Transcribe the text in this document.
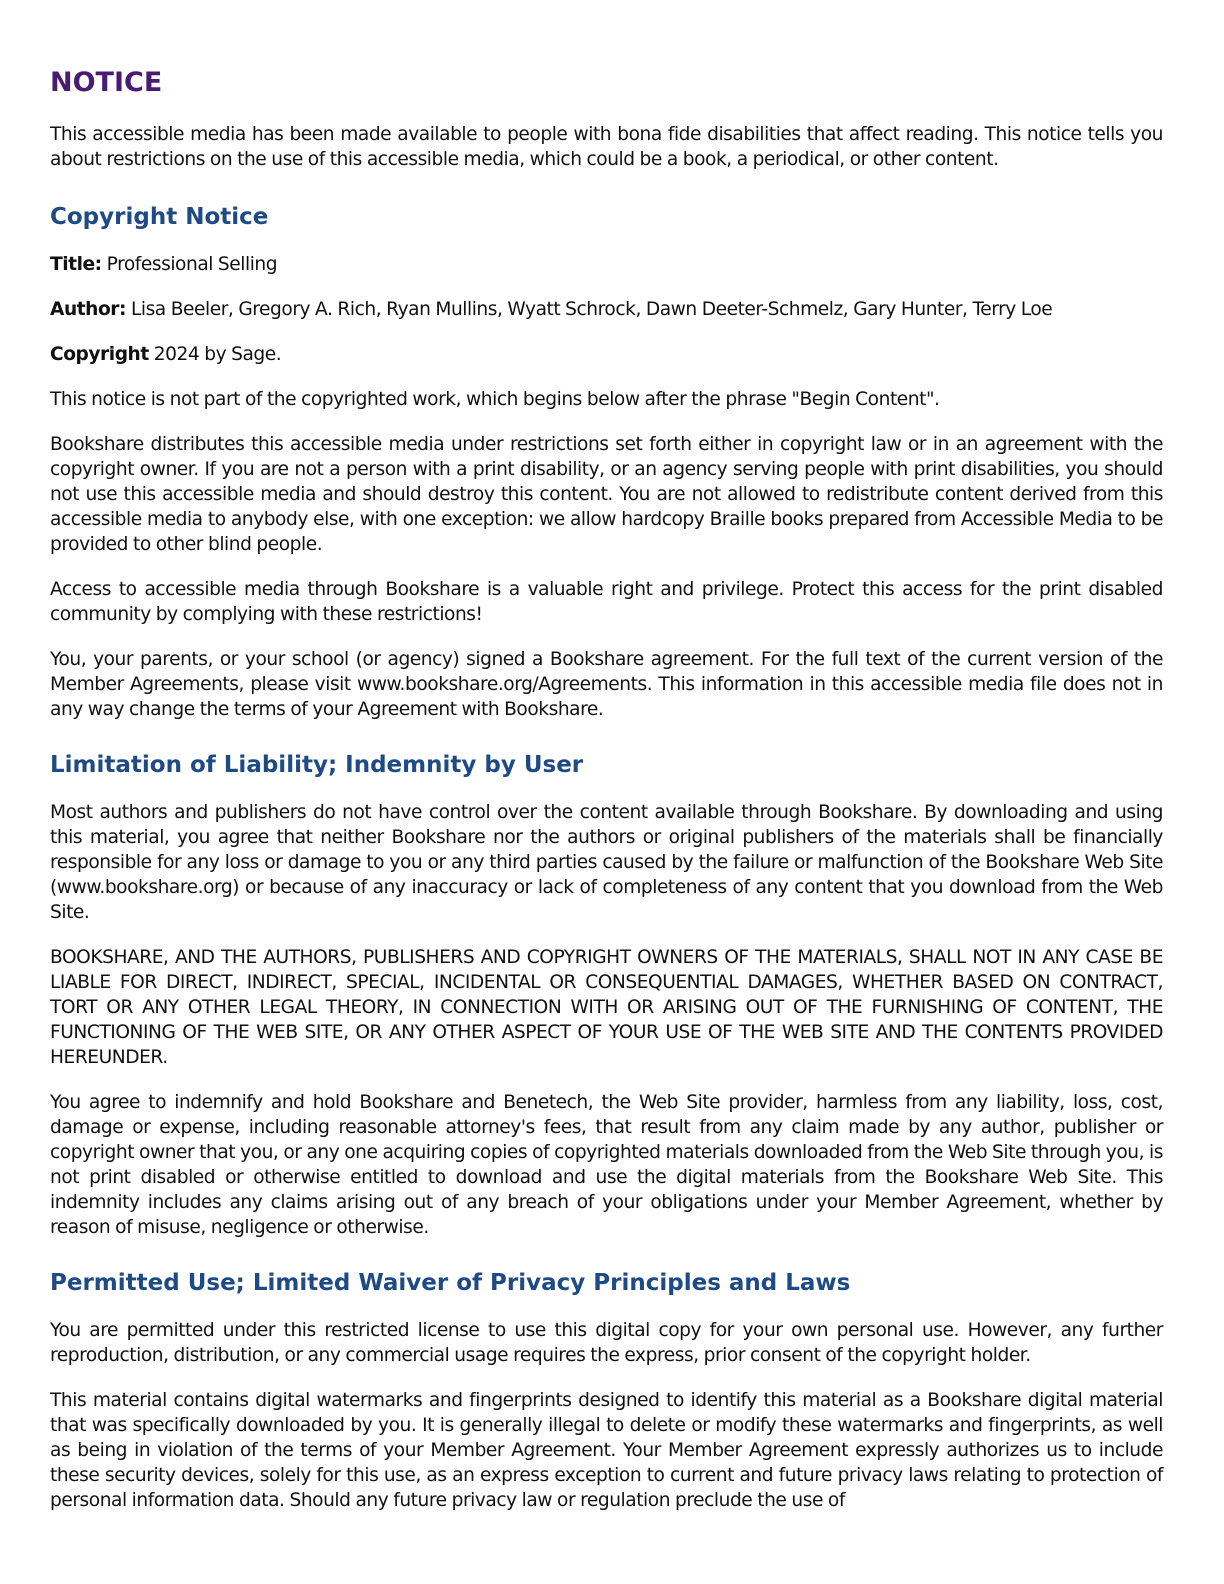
NOTICE

This accessible media has been made available to people with bona fide disabilities that affect reading. This notice tells you about restrictions on the use of this accessible media, which could be a book, a periodical, or other content.

Copyright Notice

Title: Professional Selling

Author: Lisa Beeler, Gregory A. Rich, Ryan Mullins, Wyatt Schrock, Dawn Deeter-Schmelz, Gary Hunter, Terry Loe

Copyright 2024 by Sage.

This notice is not part of the copyrighted work, which begins below after the phrase "Begin Content".

Bookshare distributes this accessible media under restrictions set forth either in copyright law or in an agreement with the copyright owner. If you are not a person with a print disability, or an agency serving people with print disabilities, you should not use this accessible media and should destroy this content. You are not allowed to redistribute content derived from this accessible media to anybody else, with one exception: we allow hardcopy Braille books prepared from Accessible Media to be provided to other blind people.

Access to accessible media through Bookshare is a valuable right and privilege. Protect this access for the print disabled community by complying with these restrictions!

You, your parents, or your school (or agency) signed a Bookshare agreement. For the full text of the current version of the Member Agreements, please visit www.bookshare.org/Agreements. This information in this accessible media file does not in any way change the terms of your Agreement with Bookshare.

Limitation of Liability; Indemnity by User

Most authors and publishers do not have control over the content available through Bookshare. By downloading and using this material, you agree that neither Bookshare nor the authors or original publishers of the materials shall be financially responsible for any loss or damage to you or any third parties caused by the failure or malfunction of the Bookshare Web Site (www.bookshare.org) or because of any inaccuracy or lack of completeness of any content that you download from the Web Site.

BOOKSHARE, AND THE AUTHORS, PUBLISHERS AND COPYRIGHT OWNERS OF THE MATERIALS, SHALL NOT IN ANY CASE BE LIABLE FOR DIRECT, INDIRECT, SPECIAL, INCIDENTAL OR CONSEQUENTIAL DAMAGES, WHETHER BASED ON CONTRACT, TORT OR ANY OTHER LEGAL THEORY, IN CONNECTION WITH OR ARISING OUT OF THE FURNISHING OF CONTENT, THE FUNCTIONING OF THE WEB SITE, OR ANY OTHER ASPECT OF YOUR USE OF THE WEB SITE AND THE CONTENTS PROVIDED HEREUNDER.

You agree to indemnify and hold Bookshare and Benetech, the Web Site provider, harmless from any liability, loss, cost, damage or expense, including reasonable attorney's fees, that result from any claim made by any author, publisher or copyright owner that you, or any one acquiring copies of copyrighted materials downloaded from the Web Site through you, is not print disabled or otherwise entitled to download and use the digital materials from the Bookshare Web Site. This indemnity includes any claims arising out of any breach of your obligations under your Member Agreement, whether by reason of misuse, negligence or otherwise.

Permitted Use; Limited Waiver of Privacy Principles and Laws

You are permitted under this restricted license to use this digital copy for your own personal use. However, any further reproduction, distribution, or any commercial usage requires the express, prior consent of the copyright holder.

This material contains digital watermarks and fingerprints designed to identify this material as a Bookshare digital material that was specifically downloaded by you. It is generally illegal to delete or modify these watermarks and fingerprints, as well as being in violation of the terms of your Member Agreement. Your Member Agreement expressly authorizes us to include these security devices, solely for this use, as an express exception to current and future privacy laws relating to protection of personal information data. Should any future privacy law or regulation preclude the use of
